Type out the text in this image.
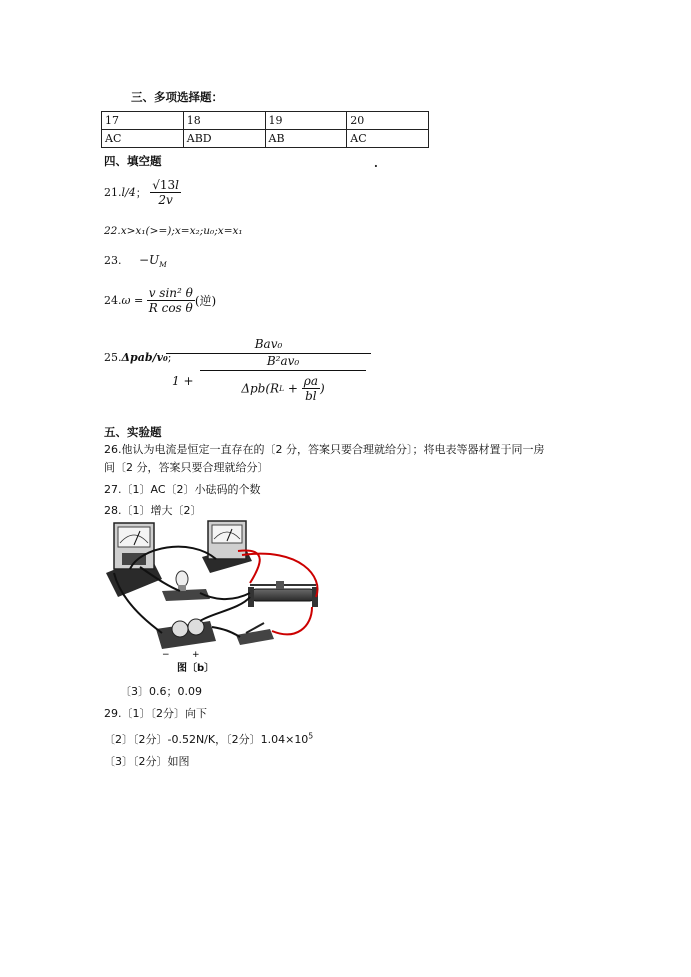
三、多项选择题：
17	18	19	20
AC	ABD	AB	AC
四、填空题	.
21.l/4； $\frac{√13l}{2v}$
22.x>x₁(>=);x=x₂;u₀;x=x₁
23. $-U_M$
$24.\omega = \frac{\text{v sin² θ}}{\text{R cos θ}}$ (逆)
25.Δpab/v₀;
Bav₀
1 +
B²av₀
$\Delta pb(RL + \frac{\rho a}{bl}$ )
五、实验题
26.他认为电流是恒定一直存在的〔2 分，答案只要合理就给分〕；将电表等器材置于同一房
间〔2 分，答案只要合理就给分〕
27.〔1〕AC〔2〕小砝码的个数
28.〔1〕增大〔2〕
− +
图〔b〕
〔3〕0.6；0.09
29.〔1〕〔2分〕向下
〔2〕〔2分〕-0.52N/K，〔2分〕$1.04\times 10^5$
〔3〕〔2分〕如图
